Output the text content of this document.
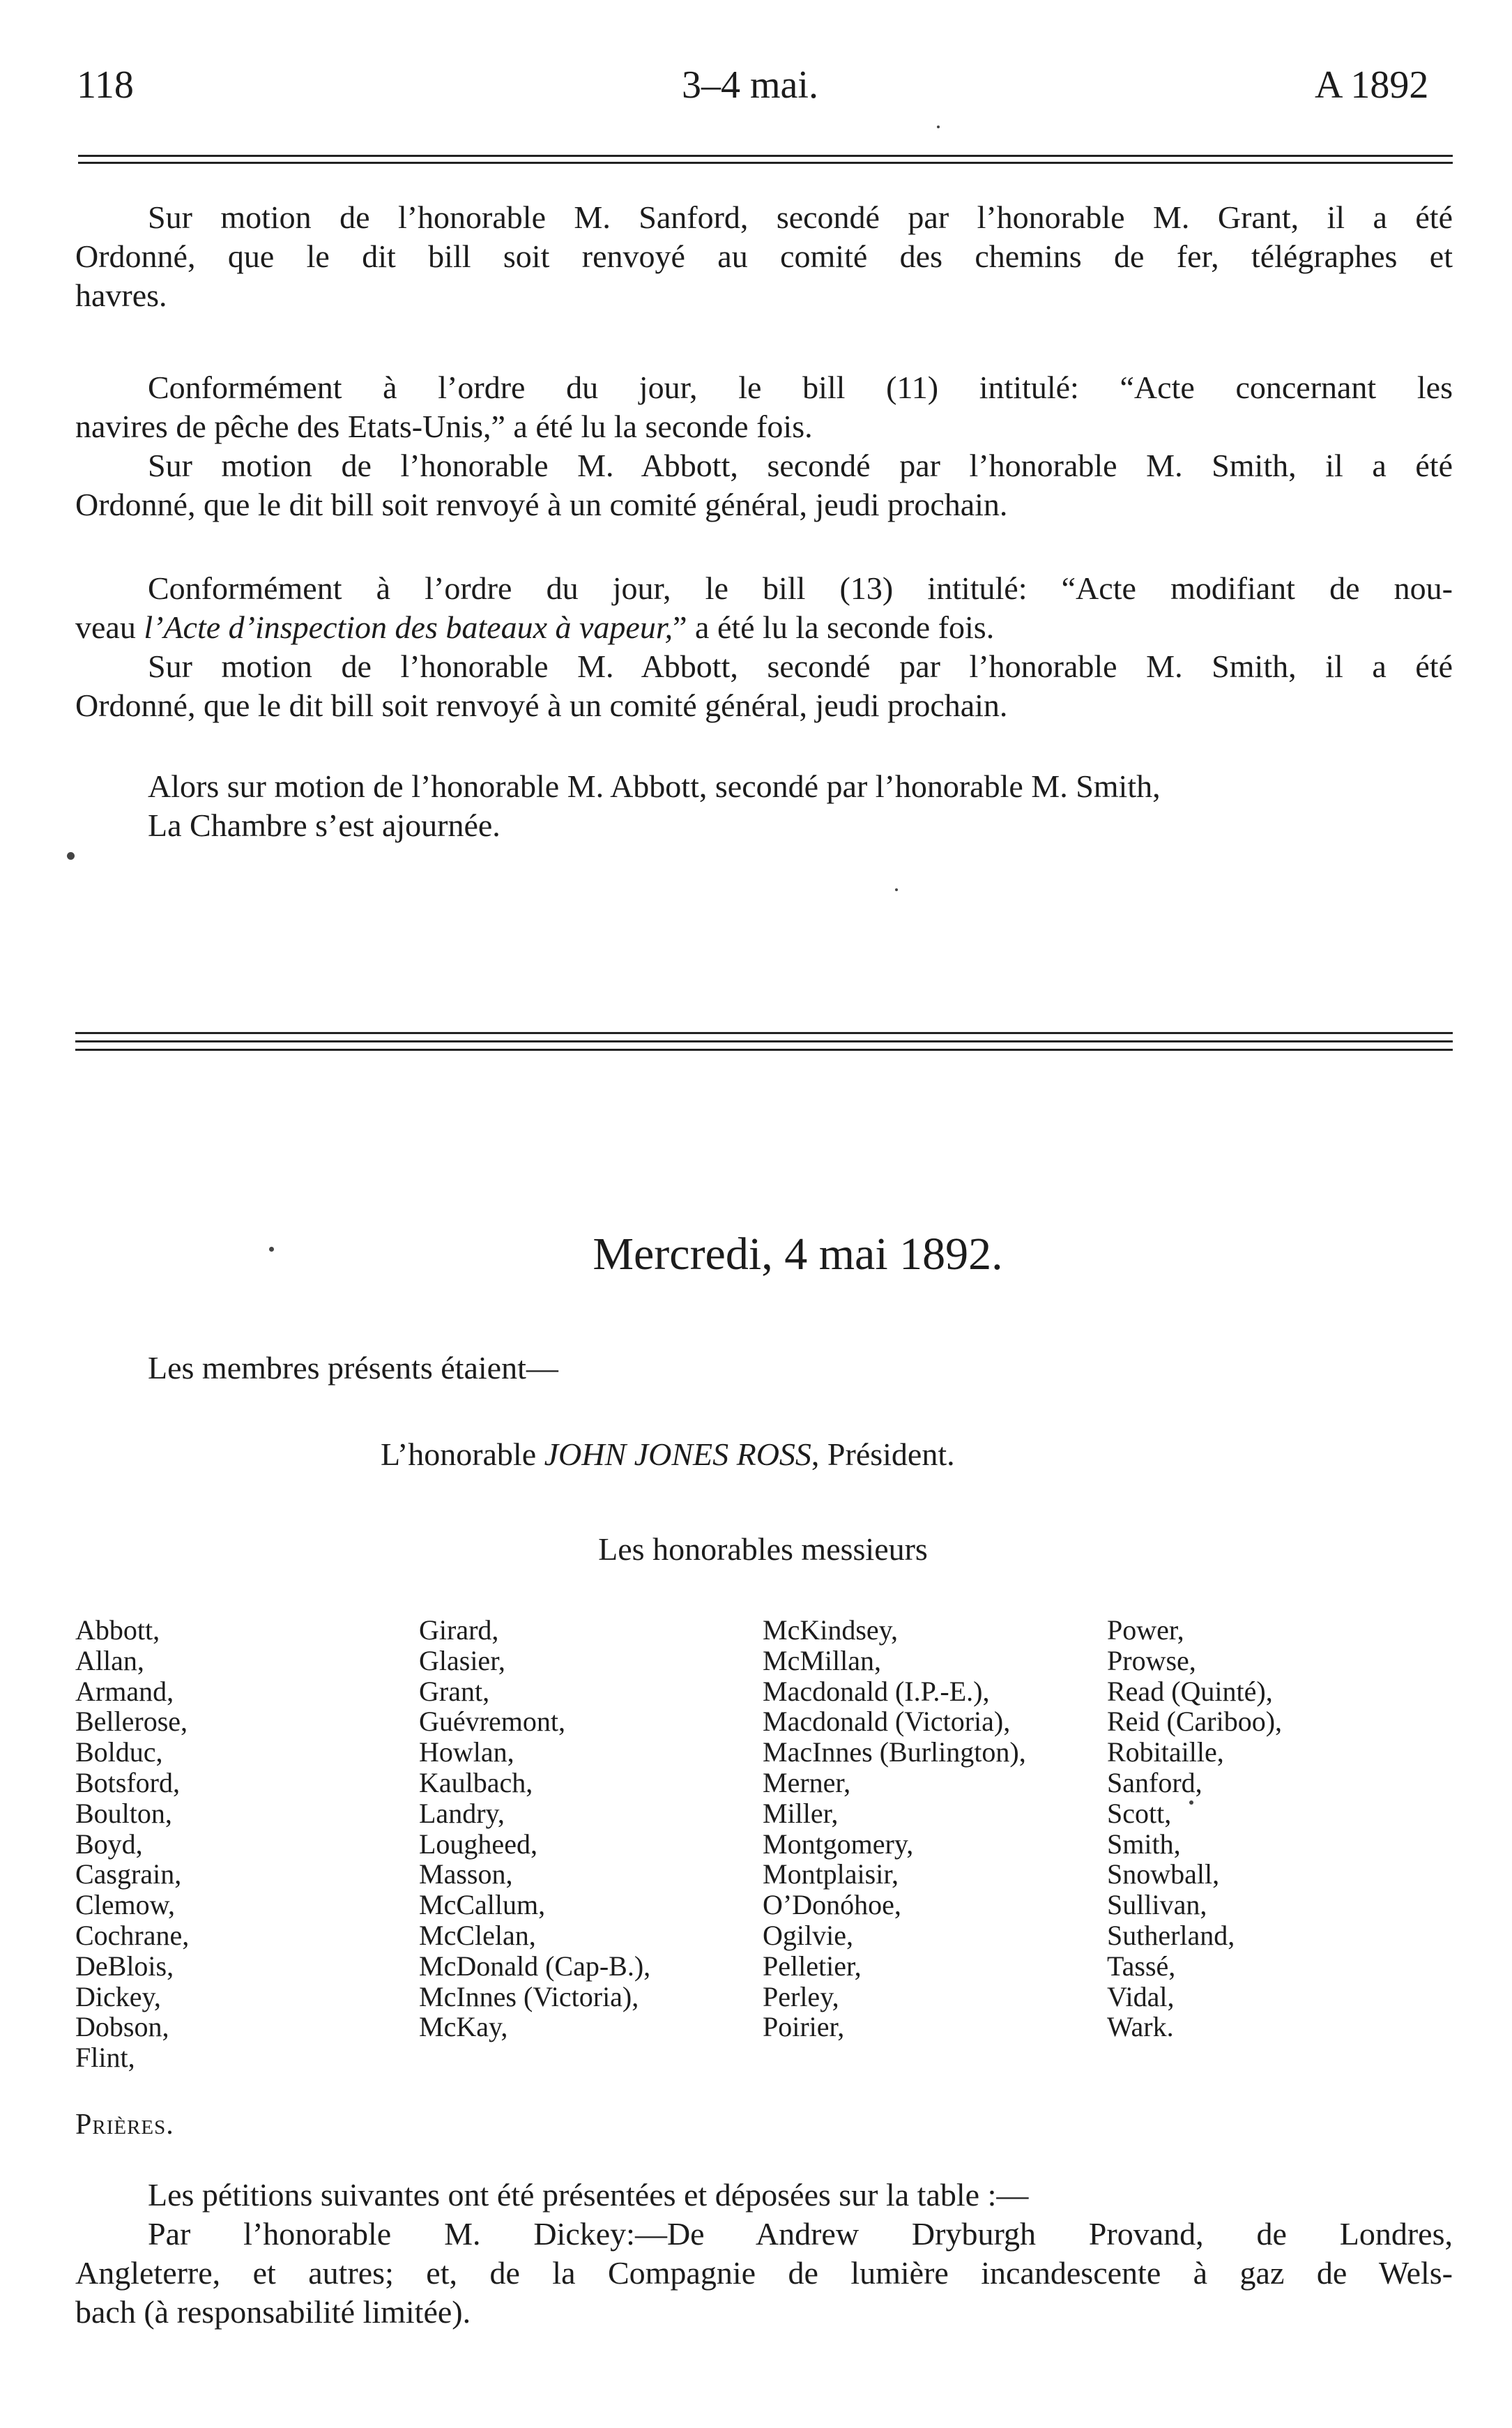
118	3–4 mai.	A 1892
Sur motion de l’honorable M. Sanford, secondé par l’honorable M. Grant, il a été
Ordonné, que le dit bill soit renvoyé au comité des chemins de fer, télégraphes et
havres.
Conformément à l’ordre du jour, le bill (11) intitulé: “Acte concernant les
navires de pêche des Etats-Unis,” a été lu la seconde fois.
Sur motion de l’honorable M. Abbott, secondé par l’honorable M. Smith, il a été
Ordonné, que le dit bill soit renvoyé à un comité général, jeudi prochain.
Conformément à l’ordre du jour, le bill (13) intitulé: “Acte modifiant de nou-
veau l’Acte d’inspection des bateaux à vapeur,” a été lu la seconde fois.
Sur motion de l’honorable M. Abbott, secondé par l’honorable M. Smith, il a été
Ordonné, que le dit bill soit renvoyé à un comité général, jeudi prochain.
Alors sur motion de l’honorable M. Abbott, secondé par l’honorable M. Smith,
La Chambre s’est ajournée.
Mercredi, 4 mai 1892.
Les membres présents étaient—
L’honorable JOHN JONES ROSS, Président.
Les honorables messieurs
Abbott,
Allan,
Armand,
Bellerose,
Bolduc,
Botsford,
Boulton,
Boyd,
Casgrain,
Clemow,
Cochrane,
DeBlois,
Dickey,
Dobson,
Flint,
Girard,
Glasier,
Grant,
Guévremont,
Howlan,
Kaulbach,
Landry,
Lougheed,
Masson,
McCallum,
McClelan,
McDonald (Cap-B.),
McInnes (Victoria),
McKay,
McKindsey,
McMillan,
Macdonald (I.P.-E.),
Macdonald (Victoria),
MacInnes (Burlington),
Merner,
Miller,
Montgomery,
Montplaisir,
O’Donóhoe,
Ogilvie,
Pelletier,
Perley,
Poirier,
Power,
Prowse,
Read (Quinté),
Reid (Cariboo),
Robitaille,
Sanford,
Scott,
Smith,
Snowball,
Sullivan,
Sutherland,
Tassé,
Vidal,
Wark.
Prières.
Les pétitions suivantes ont été présentées et déposées sur la table :—
Par l’honorable M. Dickey:—De Andrew Dryburgh Provand, de Londres,
Angleterre, et autres; et, de la Compagnie de lumière incandescente à gaz de Wels-
bach (à responsabilité limitée).
